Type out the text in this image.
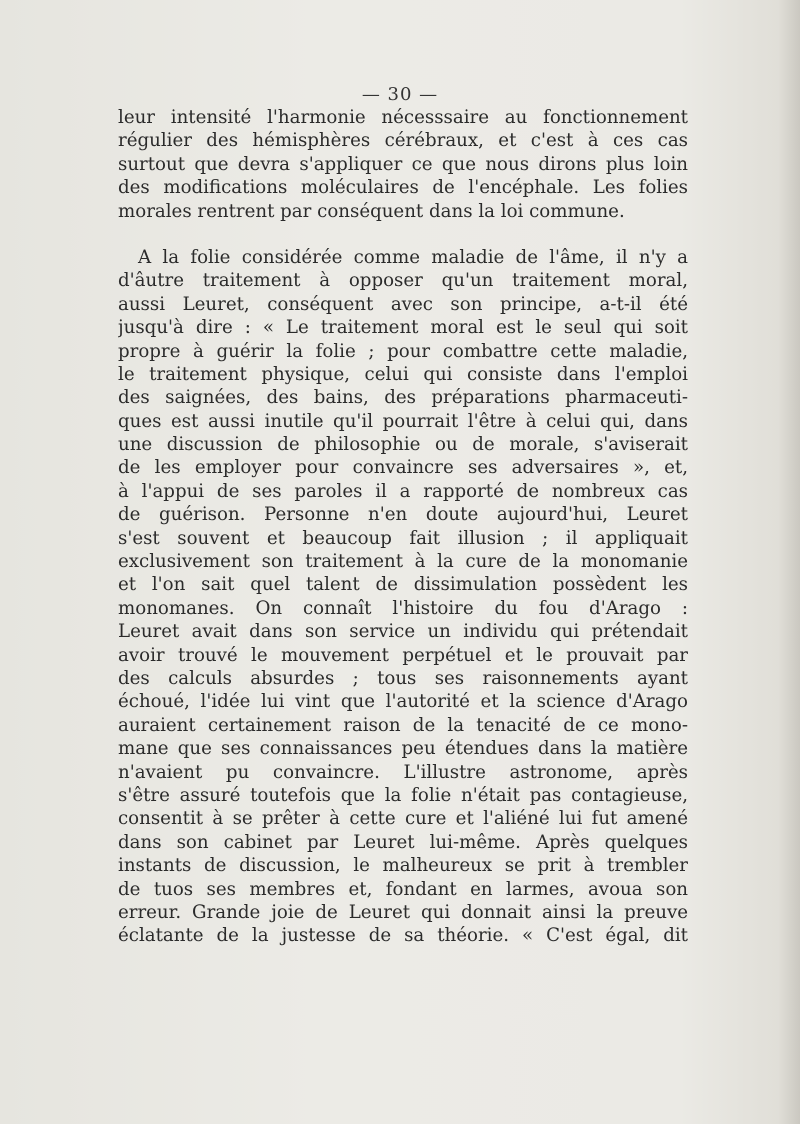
— 30 —
leur intensité l'harmonie nécesssaire au fonctionnement
régulier des hémisphères cérébraux, et c'est à ces cas
surtout que devra s'appliquer ce que nous dirons plus loin
des modifications moléculaires de l'encéphale. Les folies
morales rentrent par conséquent dans la loi commune.
A la folie considérée comme maladie de l'âme, il n'y a
d'âutre traitement à opposer qu'un traitement moral,
aussi Leuret, conséquent avec son principe, a-t-il été
jusqu'à dire : « Le traitement moral est le seul qui soit
propre à guérir la folie ; pour combattre cette maladie,
le traitement physique, celui qui consiste dans l'emploi
des saignées, des bains, des préparations pharmaceuti-
ques est aussi inutile qu'il pourrait l'être à celui qui, dans
une discussion de philosophie ou de morale, s'aviserait
de les employer pour convaincre ses adversaires », et,
à l'appui de ses paroles il a rapporté de nombreux cas
de guérison. Personne n'en doute aujourd'hui, Leuret
s'est souvent et beaucoup fait illusion ; il appliquait
exclusivement son traitement à la cure de la monomanie
et l'on sait quel talent de dissimulation possèdent les
monomanes. On connaît l'histoire du fou d'Arago :
Leuret avait dans son service un individu qui prétendait
avoir trouvé le mouvement perpétuel et le prouvait par
des calculs absurdes ; tous ses raisonnements ayant
échoué, l'idée lui vint que l'autorité et la science d'Arago
auraient certainement raison de la tenacité de ce mono-
mane que ses connaissances peu étendues dans la matière
n'avaient pu convaincre. L'illustre astronome, après
s'être assuré toutefois que la folie n'était pas contagieuse,
consentit à se prêter à cette cure et l'aliéné lui fut amené
dans son cabinet par Leuret lui-même. Après quelques
instants de discussion, le malheureux se prit à trembler
de tuos ses membres et, fondant en larmes, avoua son
erreur. Grande joie de Leuret qui donnait ainsi la preuve
éclatante de la justesse de sa théorie. « C'est égal, dit
